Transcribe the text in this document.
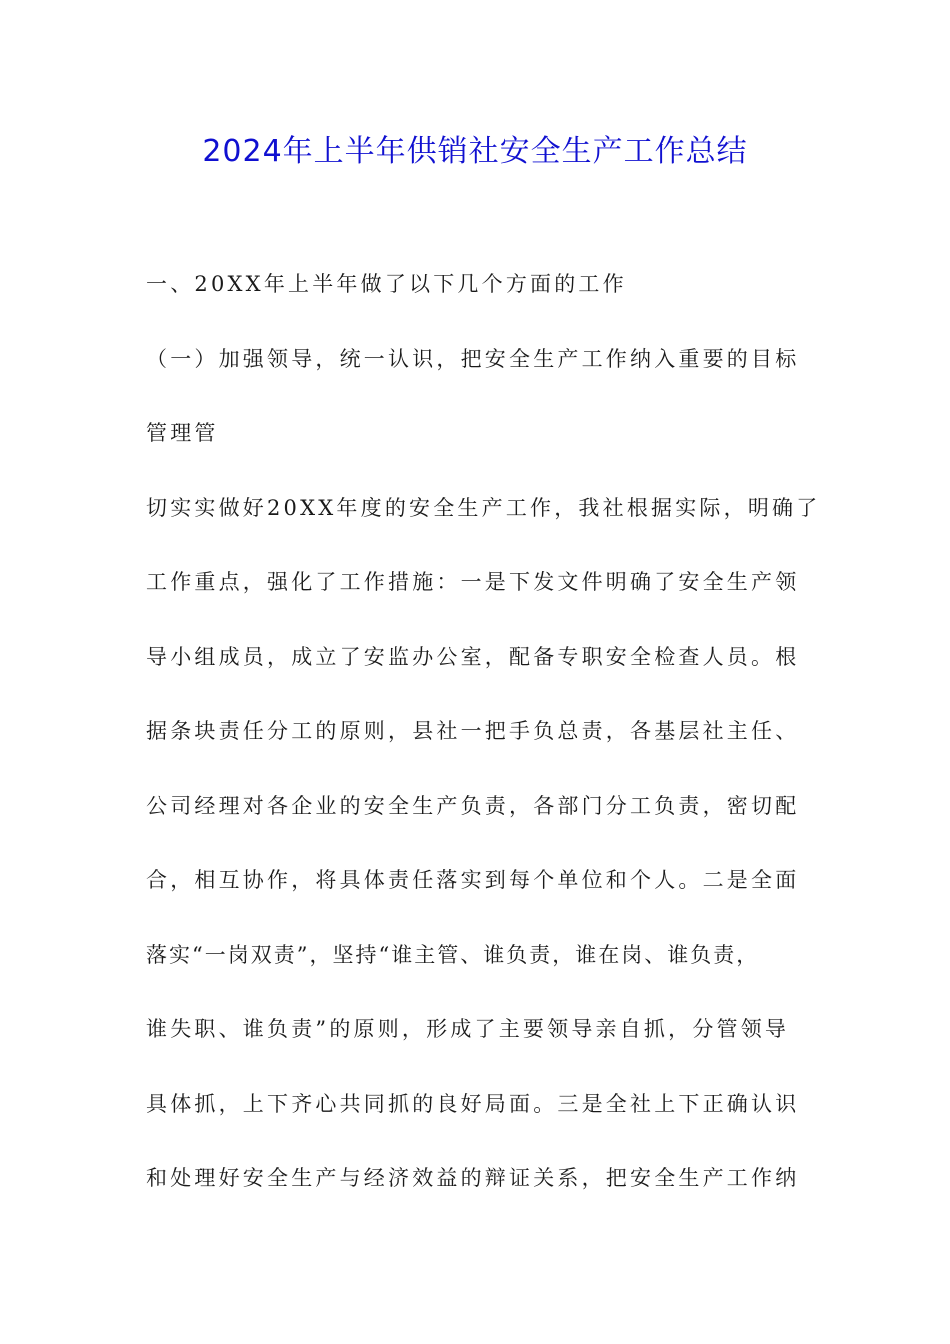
2024年上半年供销社安全生产工作总结
一、20XX年上半年做了以下几个方面的工作
（一）加强领导，统一认识，把安全生产工作纳入重要的目标
管理管
切实实做好20XX年度的安全生产工作，我社根据实际，明确了
工作重点，强化了工作措施：一是下发文件明确了安全生产领
导小组成员，成立了安监办公室，配备专职安全检查人员。根
据条块责任分工的原则，县社一把手负总责，各基层社主任、
公司经理对各企业的安全生产负责，各部门分工负责，密切配
合，相互协作，将具体责任落实到每个单位和个人。二是全面
落实“一岗双责”，坚持“谁主管、谁负责，谁在岗、谁负责，
谁失职、谁负责”的原则，形成了主要领导亲自抓，分管领导
具体抓，上下齐心共同抓的良好局面。三是全社上下正确认识
和处理好安全生产与经济效益的辩证关系，把安全生产工作纳
